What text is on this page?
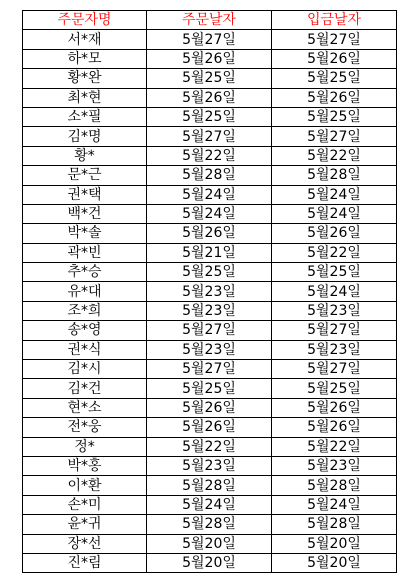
주문자명	주문날자	입금날자
서*재	5월27일	5월27일
하*모	5월26일	5월26일
황*완	5월25일	5월25일
최*현	5월26일	5월26일
소*필	5월25일	5월25일
김*명	5월27일	5월27일
황*	5월22일	5월22일
문*근	5월28일	5월28일
권*택	5월24일	5월24일
백*건	5월24일	5월24일
박*솔	5월26일	5월26일
곽*빈	5월21일	5월22일
추*승	5월25일	5월25일
유*대	5월23일	5월24일
조*희	5월23일	5월23일
송*영	5월27일	5월27일
권*식	5월23일	5월23일
김*시	5월27일	5월27일
김*건	5월25일	5월25일
현*소	5월26일	5월26일
전*웅	5월26일	5월26일
정*	5월22일	5월22일
박*홍	5월23일	5월23일
이*환	5월28일	5월28일
손*미	5월24일	5월24일
윤*귀	5월28일	5월28일
장*선	5월20일	5월20일
진*림	5월20일	5월20일
